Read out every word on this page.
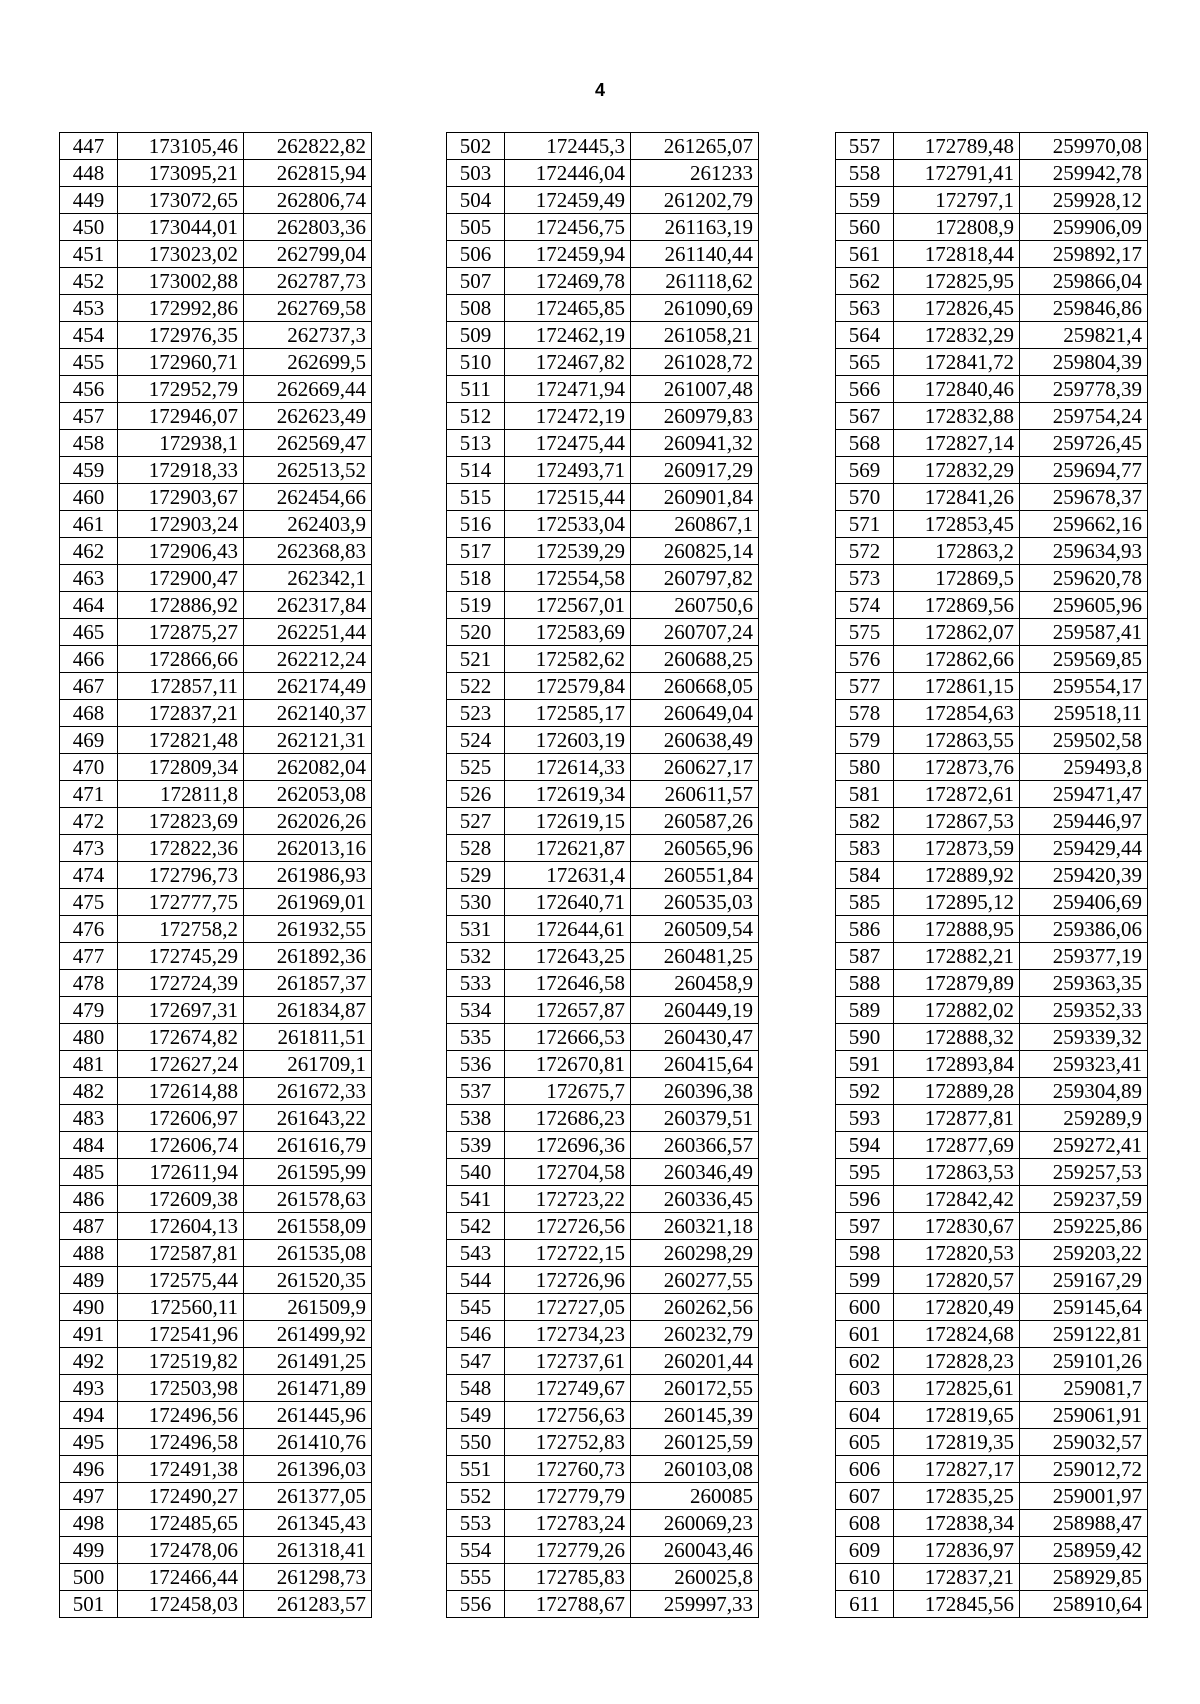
4
447	173105,46	262822,82
448	173095,21	262815,94
449	173072,65	262806,74
450	173044,01	262803,36
451	173023,02	262799,04
452	173002,88	262787,73
453	172992,86	262769,58
454	172976,35	262737,3
455	172960,71	262699,5
456	172952,79	262669,44
457	172946,07	262623,49
458	172938,1	262569,47
459	172918,33	262513,52
460	172903,67	262454,66
461	172903,24	262403,9
462	172906,43	262368,83
463	172900,47	262342,1
464	172886,92	262317,84
465	172875,27	262251,44
466	172866,66	262212,24
467	172857,11	262174,49
468	172837,21	262140,37
469	172821,48	262121,31
470	172809,34	262082,04
471	172811,8	262053,08
472	172823,69	262026,26
473	172822,36	262013,16
474	172796,73	261986,93
475	172777,75	261969,01
476	172758,2	261932,55
477	172745,29	261892,36
478	172724,39	261857,37
479	172697,31	261834,87
480	172674,82	261811,51
481	172627,24	261709,1
482	172614,88	261672,33
483	172606,97	261643,22
484	172606,74	261616,79
485	172611,94	261595,99
486	172609,38	261578,63
487	172604,13	261558,09
488	172587,81	261535,08
489	172575,44	261520,35
490	172560,11	261509,9
491	172541,96	261499,92
492	172519,82	261491,25
493	172503,98	261471,89
494	172496,56	261445,96
495	172496,58	261410,76
496	172491,38	261396,03
497	172490,27	261377,05
498	172485,65	261345,43
499	172478,06	261318,41
500	172466,44	261298,73
501	172458,03	261283,57
502	172445,3	261265,07
503	172446,04	261233
504	172459,49	261202,79
505	172456,75	261163,19
506	172459,94	261140,44
507	172469,78	261118,62
508	172465,85	261090,69
509	172462,19	261058,21
510	172467,82	261028,72
511	172471,94	261007,48
512	172472,19	260979,83
513	172475,44	260941,32
514	172493,71	260917,29
515	172515,44	260901,84
516	172533,04	260867,1
517	172539,29	260825,14
518	172554,58	260797,82
519	172567,01	260750,6
520	172583,69	260707,24
521	172582,62	260688,25
522	172579,84	260668,05
523	172585,17	260649,04
524	172603,19	260638,49
525	172614,33	260627,17
526	172619,34	260611,57
527	172619,15	260587,26
528	172621,87	260565,96
529	172631,4	260551,84
530	172640,71	260535,03
531	172644,61	260509,54
532	172643,25	260481,25
533	172646,58	260458,9
534	172657,87	260449,19
535	172666,53	260430,47
536	172670,81	260415,64
537	172675,7	260396,38
538	172686,23	260379,51
539	172696,36	260366,57
540	172704,58	260346,49
541	172723,22	260336,45
542	172726,56	260321,18
543	172722,15	260298,29
544	172726,96	260277,55
545	172727,05	260262,56
546	172734,23	260232,79
547	172737,61	260201,44
548	172749,67	260172,55
549	172756,63	260145,39
550	172752,83	260125,59
551	172760,73	260103,08
552	172779,79	260085
553	172783,24	260069,23
554	172779,26	260043,46
555	172785,83	260025,8
556	172788,67	259997,33
557	172789,48	259970,08
558	172791,41	259942,78
559	172797,1	259928,12
560	172808,9	259906,09
561	172818,44	259892,17
562	172825,95	259866,04
563	172826,45	259846,86
564	172832,29	259821,4
565	172841,72	259804,39
566	172840,46	259778,39
567	172832,88	259754,24
568	172827,14	259726,45
569	172832,29	259694,77
570	172841,26	259678,37
571	172853,45	259662,16
572	172863,2	259634,93
573	172869,5	259620,78
574	172869,56	259605,96
575	172862,07	259587,41
576	172862,66	259569,85
577	172861,15	259554,17
578	172854,63	259518,11
579	172863,55	259502,58
580	172873,76	259493,8
581	172872,61	259471,47
582	172867,53	259446,97
583	172873,59	259429,44
584	172889,92	259420,39
585	172895,12	259406,69
586	172888,95	259386,06
587	172882,21	259377,19
588	172879,89	259363,35
589	172882,02	259352,33
590	172888,32	259339,32
591	172893,84	259323,41
592	172889,28	259304,89
593	172877,81	259289,9
594	172877,69	259272,41
595	172863,53	259257,53
596	172842,42	259237,59
597	172830,67	259225,86
598	172820,53	259203,22
599	172820,57	259167,29
600	172820,49	259145,64
601	172824,68	259122,81
602	172828,23	259101,26
603	172825,61	259081,7
604	172819,65	259061,91
605	172819,35	259032,57
606	172827,17	259012,72
607	172835,25	259001,97
608	172838,34	258988,47
609	172836,97	258959,42
610	172837,21	258929,85
611	172845,56	258910,64
